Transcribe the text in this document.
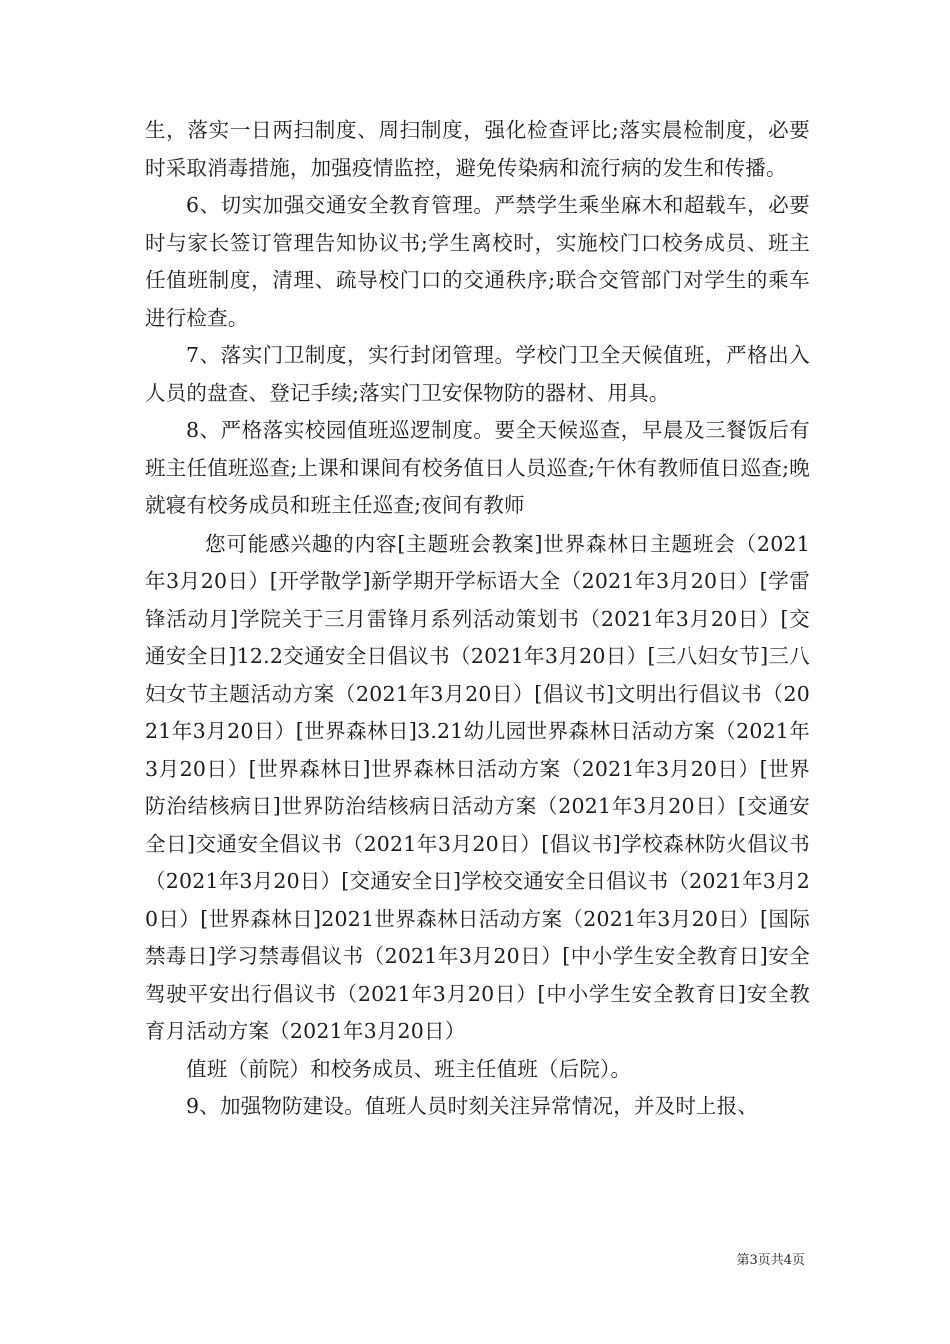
生，落实一日两扫制度、周扫制度，强化检查评比;落实晨检制度，必要时采取消毒措施，加强疫情监控，避免传染病和流行病的发生和传播。

6、切实加强交通安全教育管理。严禁学生乘坐麻木和超载车，必要时与家长签订管理告知协议书;学生离校时，实施校门口校务成员、班主任值班制度，清理、疏导校门口的交通秩序;联合交管部门对学生的乘车进行检查。

7、落实门卫制度，实行封闭管理。学校门卫全天候值班，严格出入人员的盘查、登记手续;落实门卫安保物防的器材、用具。

8、严格落实校园值班巡逻制度。要全天候巡查，早晨及三餐饭后有班主任值班巡查;上课和课间有校务值日人员巡查;午休有教师值日巡查;晚就寝有校务成员和班主任巡查;夜间有教师

您可能感兴趣的内容[主题班会教案]世界森林日主题班会（2021年3月20日）[开学散学]新学期开学标语大全（2021年3月20日）[学雷锋活动月]学院关于三月雷锋月系列活动策划书（2021年3月20日）[交通安全日]12.2交通安全日倡议书（2021年3月20日）[三八妇女节]三八妇女节主题活动方案（2021年3月20日）[倡议书]文明出行倡议书（2021年3月20日）[世界森林日]3.21幼儿园世界森林日活动方案（2021年3月20日）[世界森林日]世界森林日活动方案（2021年3月20日）[世界防治结核病日]世界防治结核病日活动方案（2021年3月20日）[交通安全日]交通安全倡议书（2021年3月20日）[倡议书]学校森林防火倡议书（2021年3月20日）[交通安全日]学校交通安全日倡议书（2021年3月20日）[世界森林日]2021世界森林日活动方案（2021年3月20日）[国际禁毒日]学习禁毒倡议书（2021年3月20日）[中小学生安全教育日]安全驾驶平安出行倡议书（2021年3月20日）[中小学生安全教育日]安全教育月活动方案（2021年3月20日）

值班（前院）和校务成员、班主任值班（后院）。

9、加强物防建设。值班人员时刻关注异常情况，并及时上报、

第3页共4页
